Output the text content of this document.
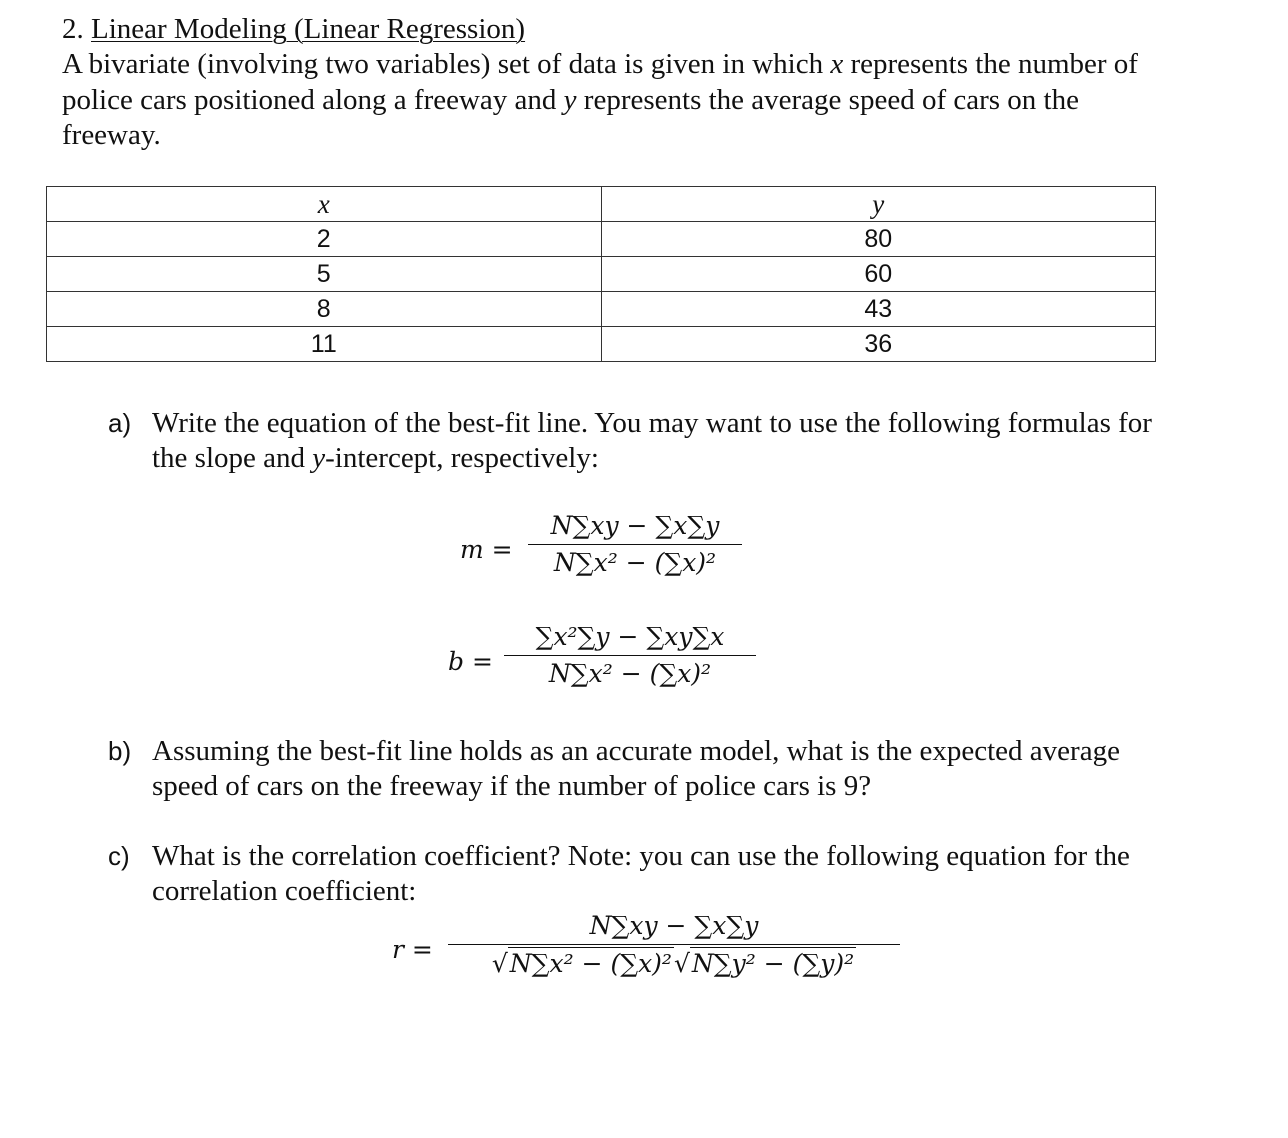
2. Linear Modeling (Linear Regression)

A bivariate (involving two variables) set of data is given in which x represents the number of police cars positioned along a freeway and y represents the average speed of cars on the freeway.

x	y
2	80
5	60
8	43
11	36
a) Write the equation of the best-fit line. You may want to use the following formulas for the slope and y-intercept, respectively:
m =
N∑xy − ∑x∑y
N∑x² − (∑x)²
b =
∑x²∑y − ∑xy∑x
N∑x² − (∑x)²
b) Assuming the best-fit line holds as an accurate model, what is the expected average speed of cars on the freeway if the number of police cars is 9?
c) What is the correlation coefficient? Note: you can use the following equation for the correlation coefficient:
r =
N∑xy − ∑x∑y
√N∑x² − (∑x)²√N∑y² − (∑y)²
